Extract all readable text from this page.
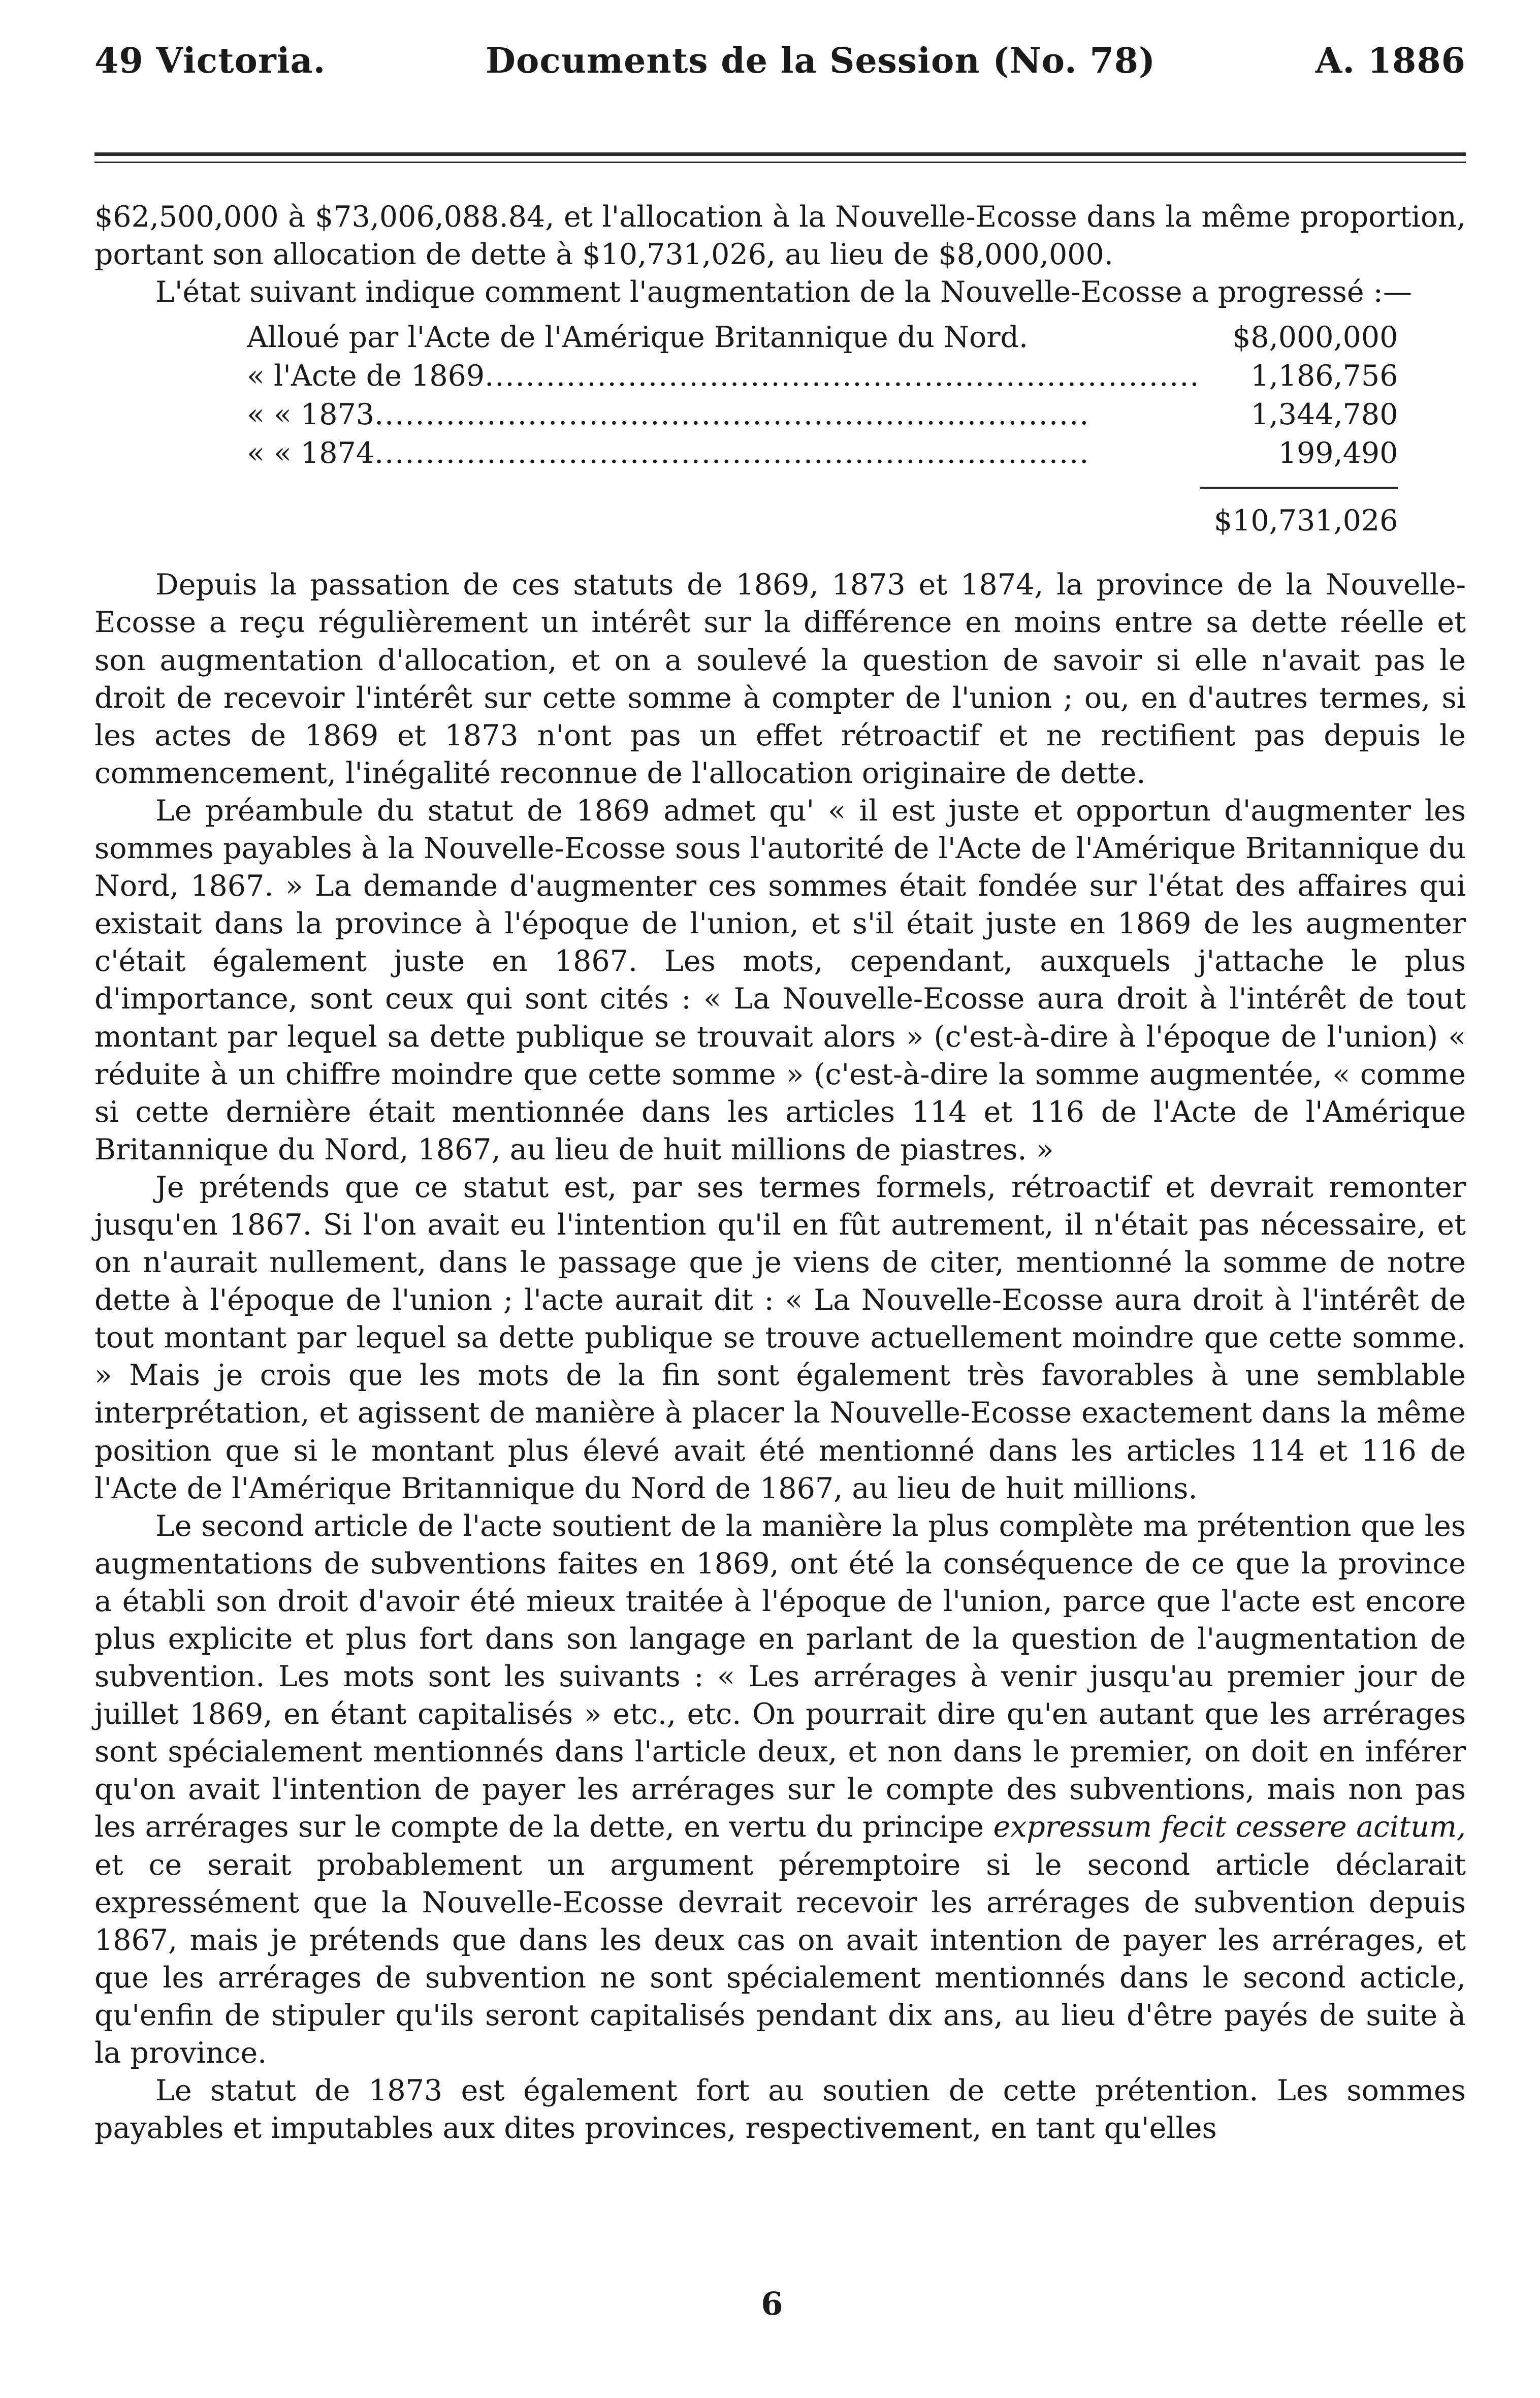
49 Victoria.	Documents de la Session (No. 78)	A. 1886

$62,500,000 à $73,006,088.84, et l'allocation à la Nouvelle-Ecosse dans la même proportion, portant son allocation de dette à $10,731,026, au lieu de $8,000,000.

L'état suivant indique comment l'augmentation de la Nouvelle-Ecosse a progressé :—

Alloué par l'Acte de l'Amérique Britannique du Nord.	$8,000,000
« l'Acte de 1869 .....	1,186,756
« « 1873 .....	1,344,780
« « 1874 .....	199,490

$10,731,026

Depuis la passation de ces statuts de 1869, 1873 et 1874, la province de la Nouvelle-Ecosse a reçu régulièrement un intérêt sur la différence en moins entre sa dette réelle et son augmentation d'allocation, et on a soulevé la question de savoir si elle n'avait pas le droit de recevoir l'intérêt sur cette somme à compter de l'union ; ou, en d'autres termes, si les actes de 1869 et 1873 n'ont pas un effet rétroactif et ne rectifient pas depuis le commencement, l'inégalité reconnue de l'allocation originaire de dette.

Le préambule du statut de 1869 admet qu' « il est juste et opportun d'augmenter les sommes payables à la Nouvelle-Ecosse sous l'autorité de l'Acte de l'Amérique Britannique du Nord, 1867. » La demande d'augmenter ces sommes était fondée sur l'état des affaires qui existait dans la province à l'époque de l'union, et s'il était juste en 1869 de les augmenter c'était également juste en 1867. Les mots, cependant, auxquels j'attache le plus d'importance, sont ceux qui sont cités : « La Nouvelle-Ecosse aura droit à l'intérêt de tout montant par lequel sa dette publique se trouvait alors » (c'est-à-dire à l'époque de l'union) « réduite à un chiffre moindre que cette somme » (c'est-à-dire la somme augmentée, « comme si cette dernière était mentionnée dans les articles 114 et 116 de l'Acte de l'Amérique Britannique du Nord, 1867, au lieu de huit millions de piastres. »

Je prétends que ce statut est, par ses termes formels, rétroactif et devrait remonter jusqu'en 1867. Si l'on avait eu l'intention qu'il en fût autrement, il n'était pas nécessaire, et on n'aurait nullement, dans le passage que je viens de citer, mentionné la somme de notre dette à l'époque de l'union ; l'acte aurait dit : « La Nouvelle-Ecosse aura droit à l'intérêt de tout montant par lequel sa dette publique se trouve actuellement moindre que cette somme. » Mais je crois que les mots de la fin sont également très favorables à une semblable interprétation, et agissent de manière à placer la Nouvelle-Ecosse exactement dans la même position que si le montant plus élevé avait été mentionné dans les articles 114 et 116 de l'Acte de l'Amérique Britannique du Nord de 1867, au lieu de huit millions.

Le second article de l'acte soutient de la manière la plus complète ma prétention que les augmentations de subventions faites en 1869, ont été la conséquence de ce que la province a établi son droit d'avoir été mieux traitée à l'époque de l'union, parce que l'acte est encore plus explicite et plus fort dans son langage en parlant de la question de l'augmentation de subvention. Les mots sont les suivants : « Les arrérages à venir jusqu'au premier jour de juillet 1869, en étant capitalisés » etc., etc. On pourrait dire qu'en autant que les arrérages sont spécialement mentionnés dans l'article deux, et non dans le premier, on doit en inférer qu'on avait l'intention de payer les arrérages sur le compte des subventions, mais non pas les arrérages sur le compte de la dette, en vertu du principe expressum fecit cessere acitum, et ce serait probablement un argument péremptoire si le second article déclarait expressément que la Nouvelle-Ecosse devrait recevoir les arrérages de subvention depuis 1867, mais je prétends que dans les deux cas on avait intention de payer les arrérages, et que les arrérages de subvention ne sont spécialement mentionnés dans le second acticle, qu'enfin de stipuler qu'ils seront capitalisés pendant dix ans, au lieu d'être payés de suite à la province.

Le statut de 1873 est également fort au soutien de cette prétention. Les sommes payables et imputables aux dites provinces, respectivement, en tant qu'elles

6
